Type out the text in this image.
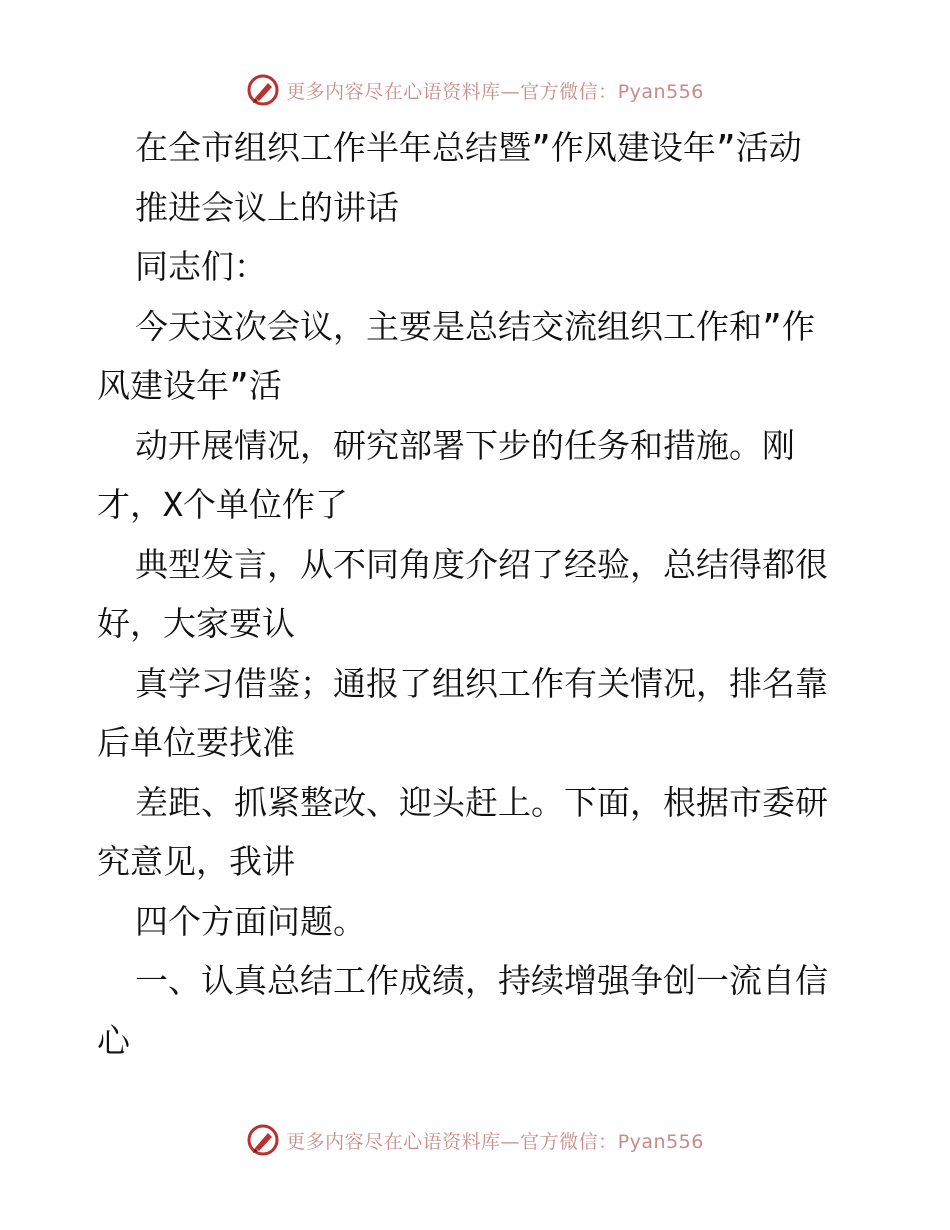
更多内容尽在心语资料库—官方微信：Pyan556
在全市组织工作半年总结暨”作风建设年”活动
推进会议上的讲话
同志们：
今天这次会议，主要是总结交流组织工作和”作
风建设年”活
动开展情况，研究部署下步的任务和措施。刚
才，X个单位作了
典型发言，从不同角度介绍了经验，总结得都很
好，大家要认
真学习借鉴；通报了组织工作有关情况，排名靠
后单位要找准
差距、抓紧整改、迎头赶上。下面，根据市委研
究意见，我讲
四个方面问题。
一、认真总结工作成绩，持续增强争创一流自信
心
更多内容尽在心语资料库—官方微信：Pyan556
